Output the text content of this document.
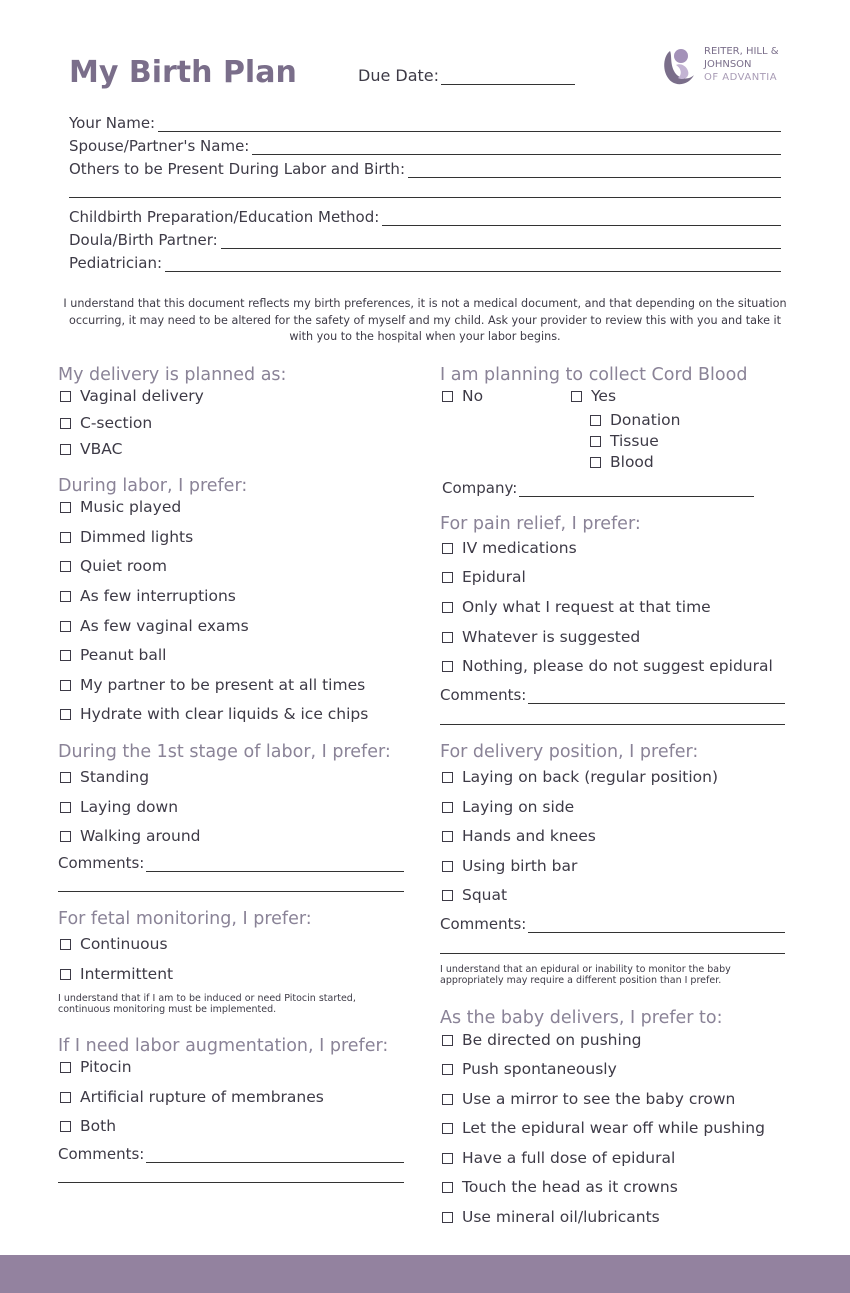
My Birth Plan	Due Date:
REITER, HILL &
JOHNSON
OF ADVANTIA
Your Name:
Spouse/Partner's Name:
Others to be Present During Labor and Birth:
Childbirth Preparation/Education Method:
Doula/Birth Partner:
Pediatrician:
I understand that this document reflects my birth preferences, it is not a medical document, and that depending on the situation occurring, it may need to be altered for the safety of myself and my child. Ask your provider to review this with you and take it with you to the hospital when your labor begins.
My delivery is planned as:
Vaginal delivery
C-section
VBAC
During labor, I prefer:
Music played
Dimmed lights
Quiet room
As few interruptions
As few vaginal exams
Peanut ball
My partner to be present at all times
Hydrate with clear liquids & ice chips
During the 1st stage of labor, I prefer:
Standing
Laying down
Walking around
Comments:
For fetal monitoring, I prefer:
Continuous
Intermittent
I understand that if I am to be induced or need Pitocin started, continuous monitoring must be implemented.
If I need labor augmentation, I prefer:
Pitocin
Artificial rupture of membranes
Both
Comments:
I am planning to collect Cord Blood
No	Yes
Donation
Tissue
Blood
Company:
For pain relief, I prefer:
IV medications
Epidural
Only what I request at that time
Whatever is suggested
Nothing, please do not suggest epidural
Comments:
For delivery position, I prefer:
Laying on back (regular position)
Laying on side
Hands and knees
Using birth bar
Squat
Comments:
I understand that an epidural or inability to monitor the baby appropriately may require a different position than I prefer.
As the baby delivers, I prefer to:
Be directed on pushing
Push spontaneously
Use a mirror to see the baby crown
Let the epidural wear off while pushing
Have a full dose of epidural
Touch the head as it crowns
Use mineral oil/lubricants
